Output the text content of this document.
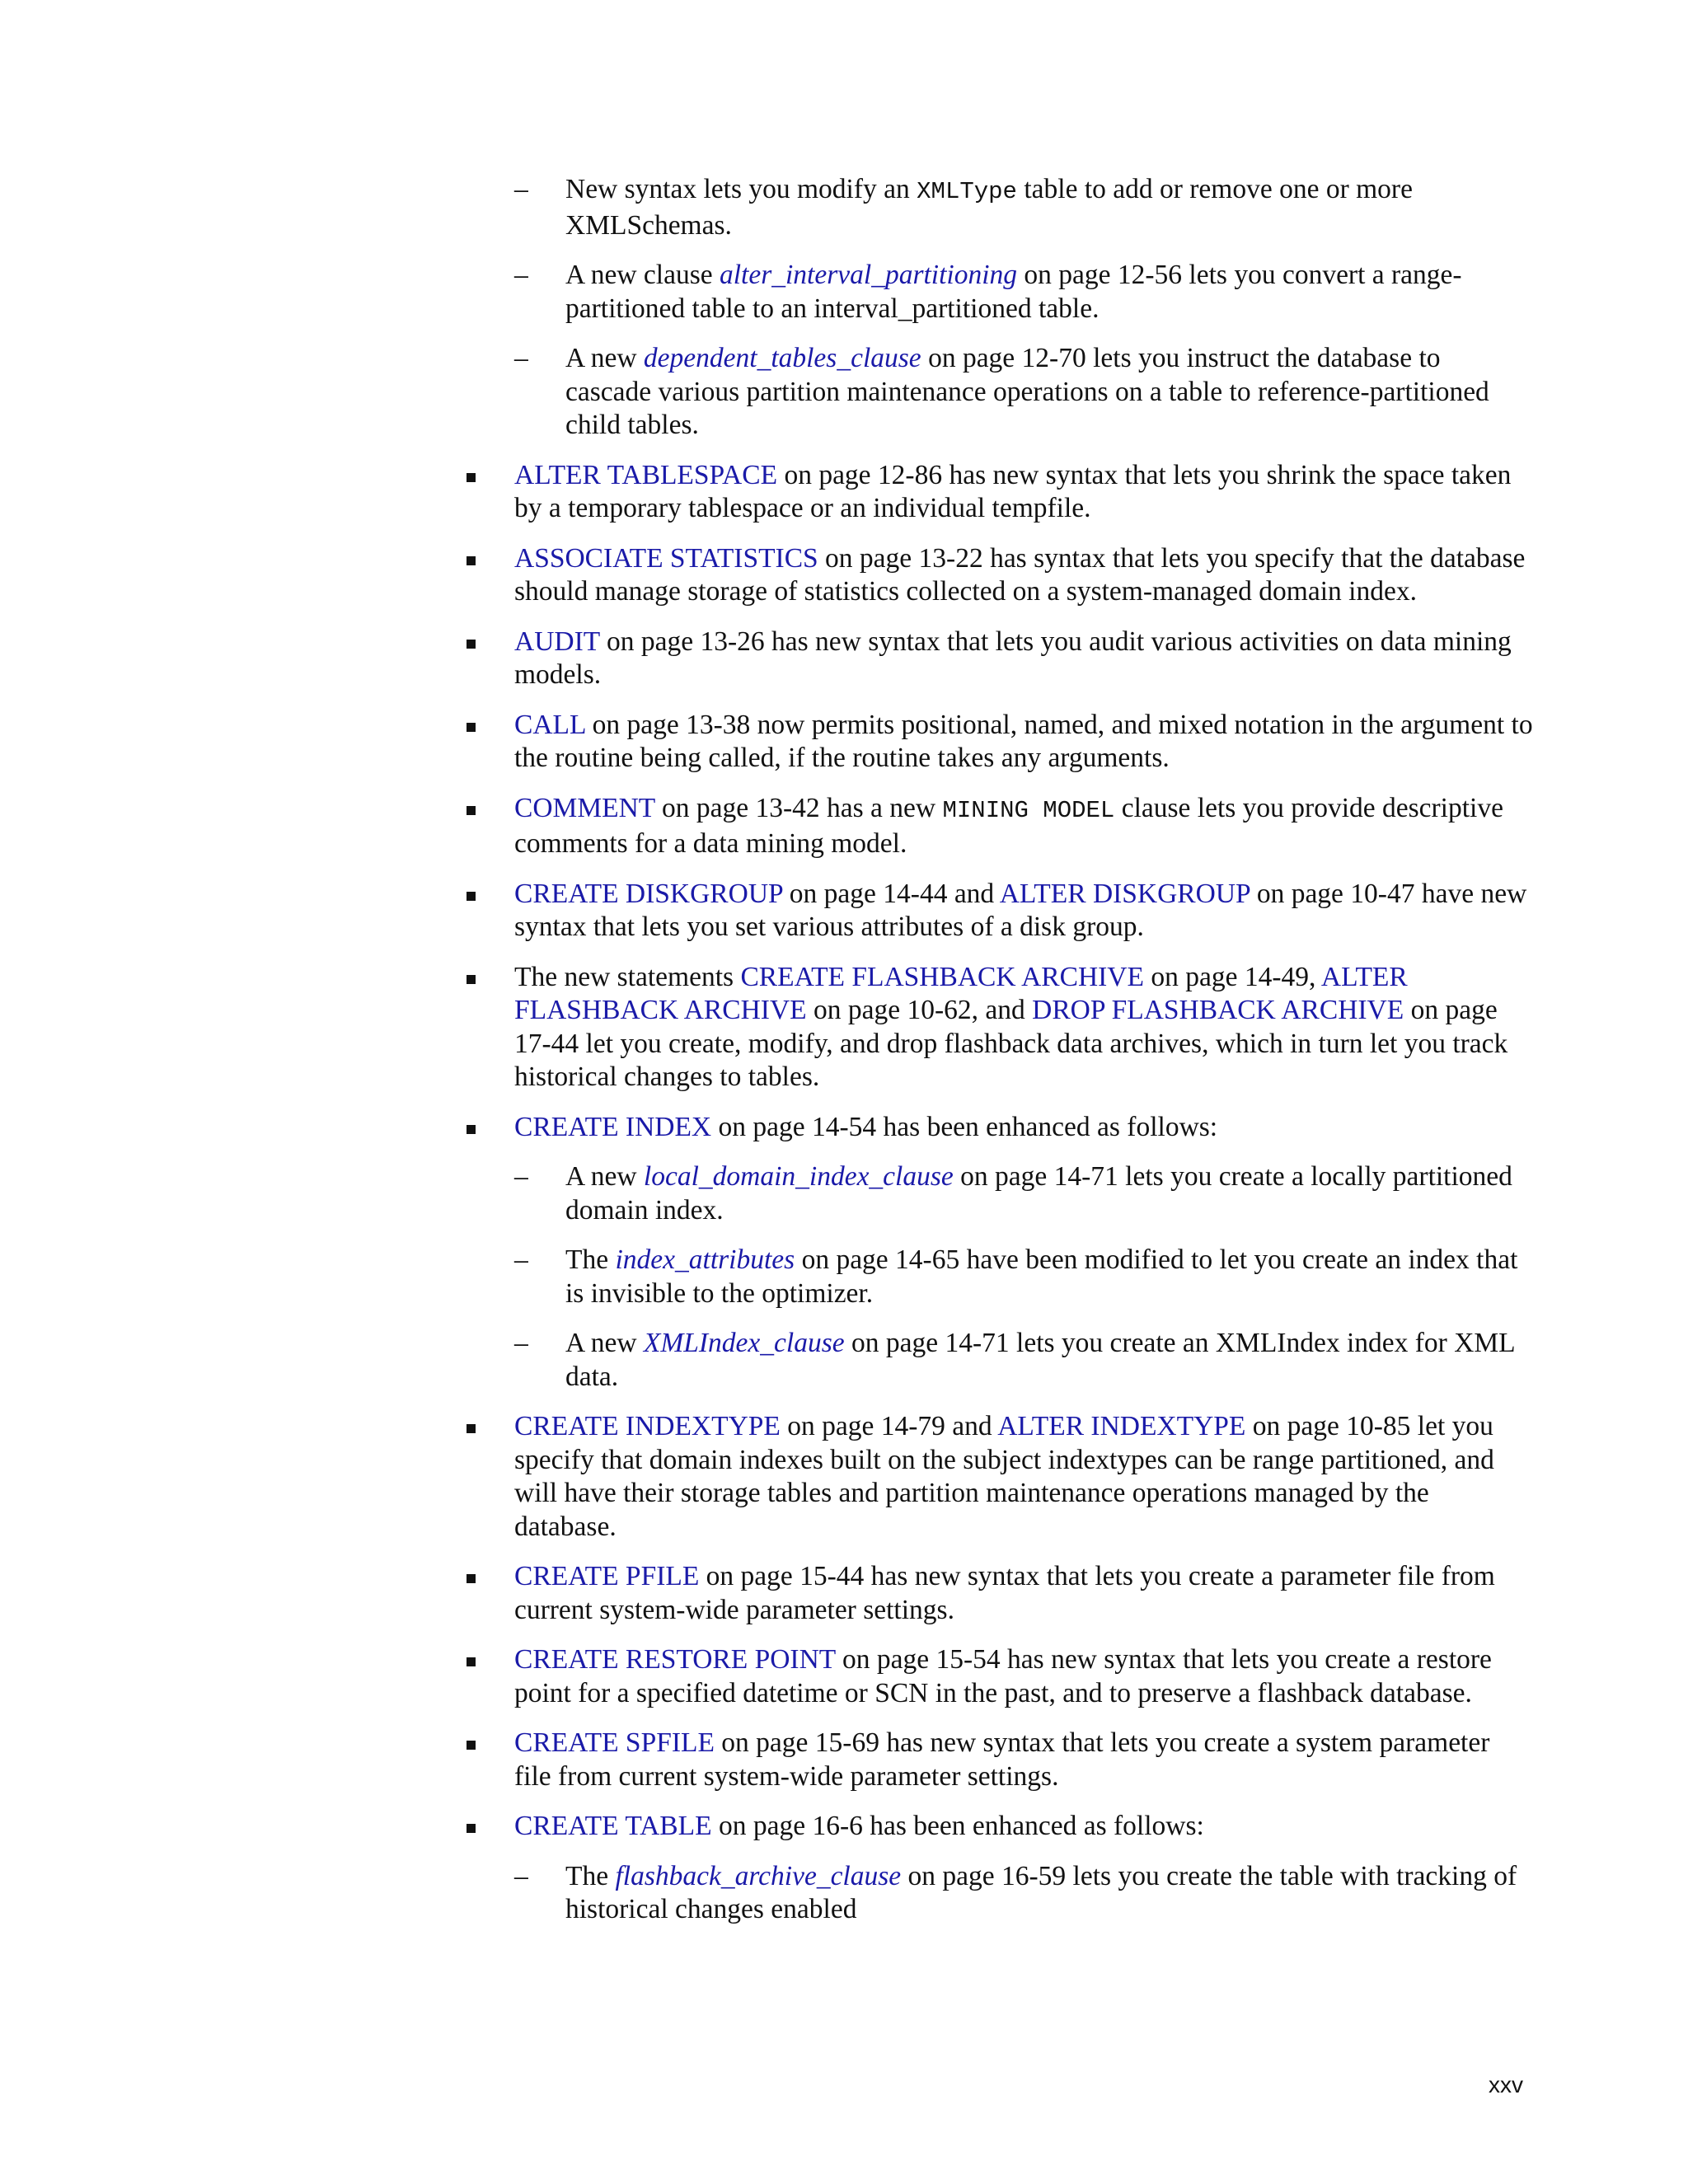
– New syntax lets you modify an XMLType table to add or remove one or more XMLSchemas.
– A new clause alter_interval_partitioning on page 12-56 lets you convert a range-partitioned table to an interval_partitioned table.
– A new dependent_tables_clause on page 12-70 lets you instruct the database to cascade various partition maintenance operations on a table to reference-partitioned child tables.
ALTER TABLESPACE on page 12-86 has new syntax that lets you shrink the space taken by a temporary tablespace or an individual tempfile.
ASSOCIATE STATISTICS on page 13-22 has syntax that lets you specify that the database should manage storage of statistics collected on a system-managed domain index.
AUDIT on page 13-26 has new syntax that lets you audit various activities on data mining models.
CALL on page 13-38 now permits positional, named, and mixed notation in the argument to the routine being called, if the routine takes any arguments.
COMMENT on page 13-42 has a new MINING MODEL clause lets you provide descriptive comments for a data mining model.
CREATE DISKGROUP on page 14-44 and ALTER DISKGROUP on page 10-47 have new syntax that lets you set various attributes of a disk group.
The new statements CREATE FLASHBACK ARCHIVE on page 14-49, ALTER FLASHBACK ARCHIVE on page 10-62, and DROP FLASHBACK ARCHIVE on page 17-44 let you create, modify, and drop flashback data archives, which in turn let you track historical changes to tables.
CREATE INDEX on page 14-54 has been enhanced as follows:
– A new local_domain_index_clause on page 14-71 lets you create a locally partitioned domain index.
– The index_attributes on page 14-65 have been modified to let you create an index that is invisible to the optimizer.
– A new XMLIndex_clause on page 14-71 lets you create an XMLIndex index for XML data.
CREATE INDEXTYPE on page 14-79 and ALTER INDEXTYPE on page 10-85 let you specify that domain indexes built on the subject indextypes can be range partitioned, and will have their storage tables and partition maintenance operations managed by the database.
CREATE PFILE on page 15-44 has new syntax that lets you create a parameter file from current system-wide parameter settings.
CREATE RESTORE POINT on page 15-54 has new syntax that lets you create a restore point for a specified datetime or SCN in the past, and to preserve a flashback database.
CREATE SPFILE on page 15-69 has new syntax that lets you create a system parameter file from current system-wide parameter settings.
CREATE TABLE on page 16-6 has been enhanced as follows:
– The flashback_archive_clause on page 16-59 lets you create the table with tracking of historical changes enabled
xxv
